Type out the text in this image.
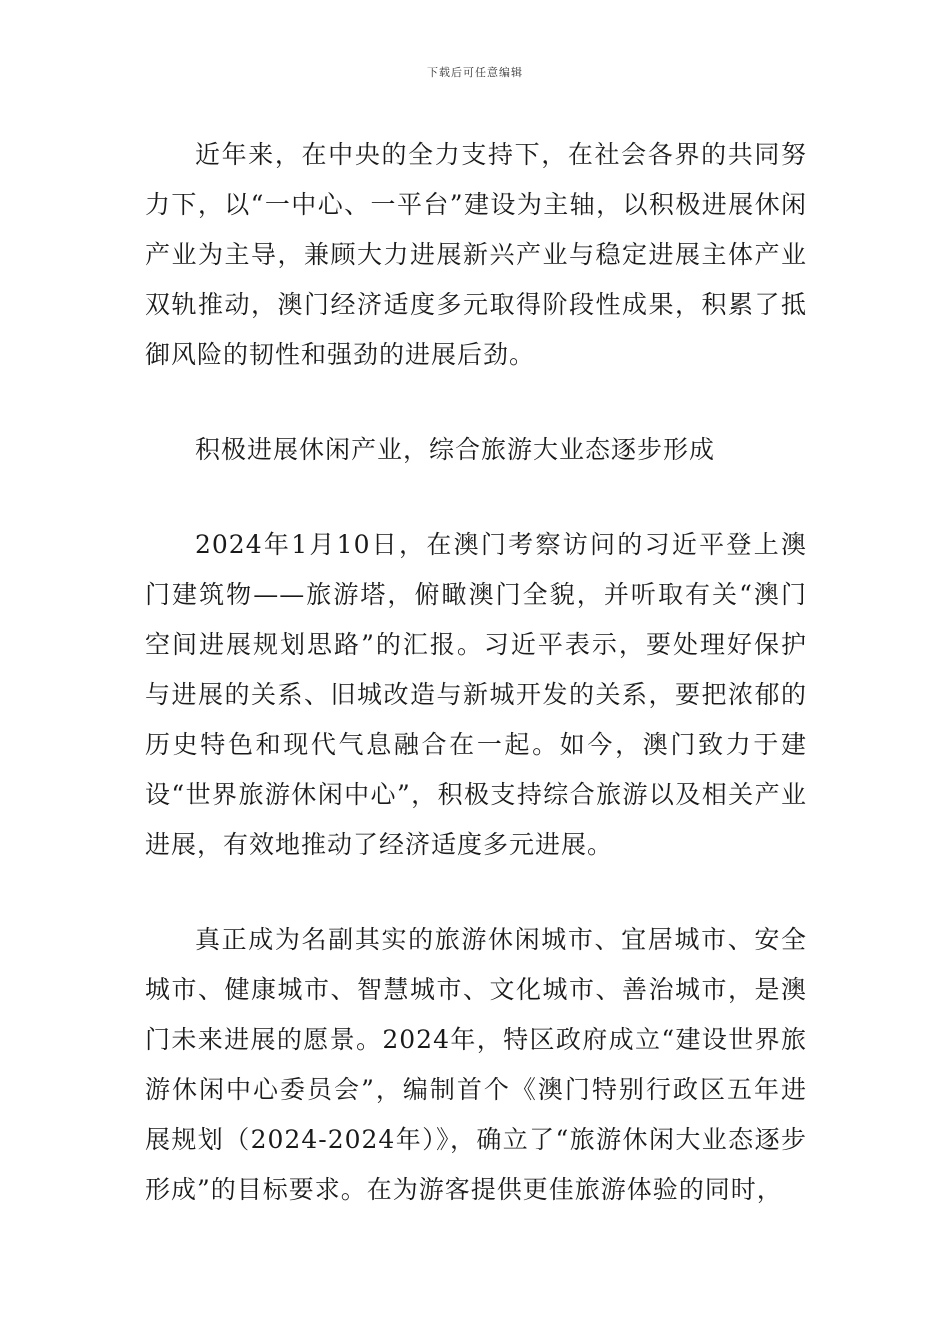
下载后可任意编辑

近年来，在中央的全力支持下，在社会各界的共同努力下，以“一中心、一平台”建设为主轴，以积极进展休闲产业为主导，兼顾大力进展新兴产业与稳定进展主体产业双轨推动，澳门经济适度多元取得阶段性成果，积累了抵御风险的韧性和强劲的进展后劲。

积极进展休闲产业，综合旅游大业态逐步形成

2024年1月10日，在澳门考察访问的习近平登上澳门建筑物——旅游塔，俯瞰澳门全貌，并听取有关“澳门空间进展规划思路”的汇报。习近平表示，要处理好保护与进展的关系、旧城改造与新城开发的关系，要把浓郁的历史特色和现代气息融合在一起。如今，澳门致力于建设“世界旅游休闲中心”，积极支持综合旅游以及相关产业进展，有效地推动了经济适度多元进展。

真正成为名副其实的旅游休闲城市、宜居城市、安全城市、健康城市、智慧城市、文化城市、善治城市，是澳门未来进展的愿景。2024年，特区政府成立“建设世界旅游休闲中心委员会”，编制首个《澳门特别行政区五年进展规划（2024-2024年）》，确立了“旅游休闲大业态逐步形成”的目标要求。在为游客提供更佳旅游体验的同时，
